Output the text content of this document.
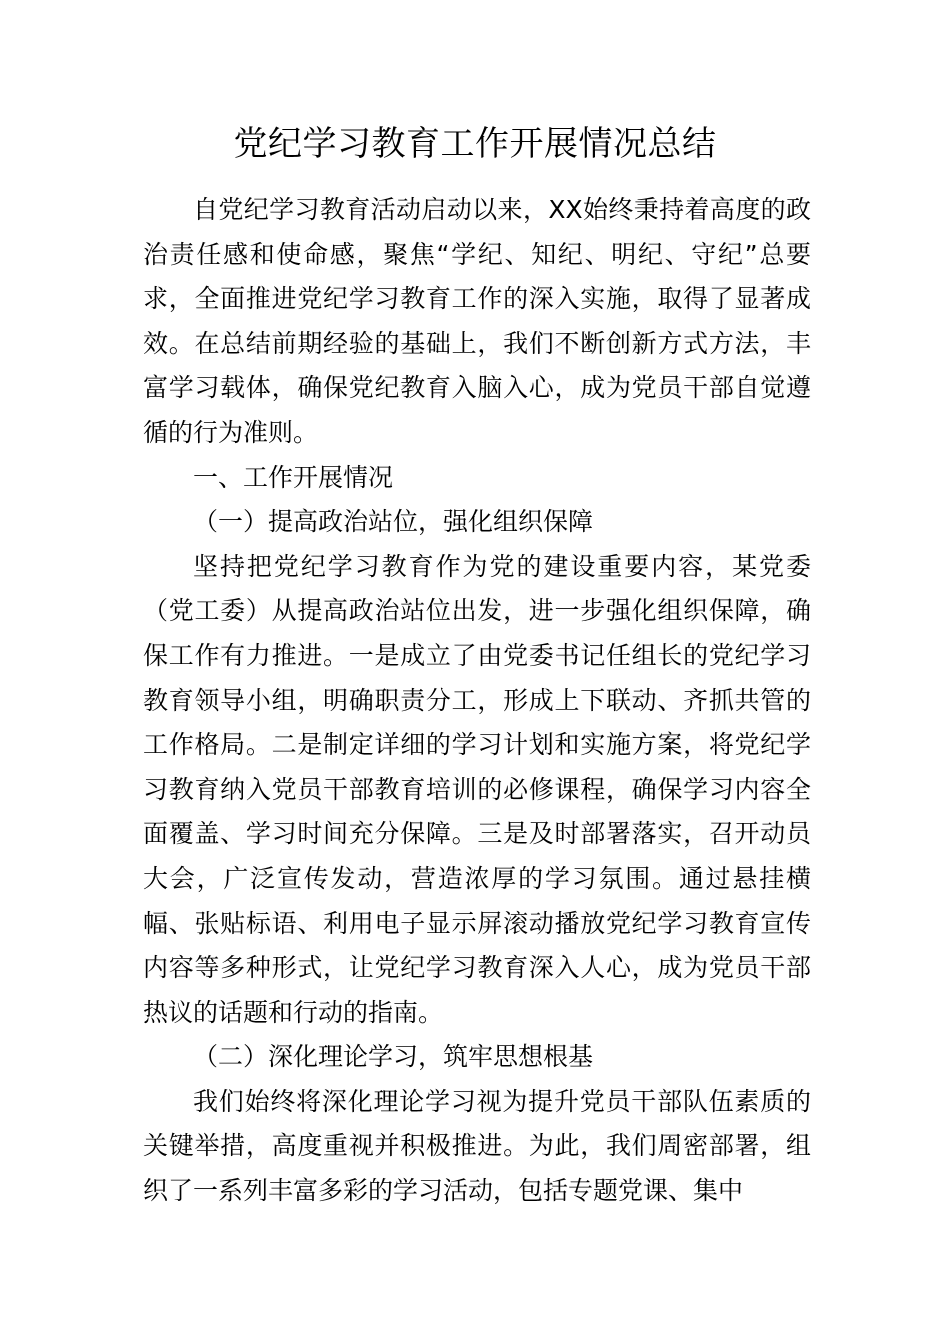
党纪学习教育工作开展情况总结

自党纪学习教育活动启动以来，XX始终秉持着高度的政治责任感和使命感，聚焦“学纪、知纪、明纪、守纪”总要求，全面推进党纪学习教育工作的深入实施，取得了显著成效。在总结前期经验的基础上，我们不断创新方式方法，丰富学习载体，确保党纪教育入脑入心，成为党员干部自觉遵循的行为准则。

一、工作开展情况

（一）提高政治站位，强化组织保障

坚持把党纪学习教育作为党的建设重要内容，某党委（党工委）从提高政治站位出发，进一步强化组织保障，确保工作有力推进。一是成立了由党委书记任组长的党纪学习教育领导小组，明确职责分工，形成上下联动、齐抓共管的工作格局。二是制定详细的学习计划和实施方案，将党纪学习教育纳入党员干部教育培训的必修课程，确保学习内容全面覆盖、学习时间充分保障。三是及时部署落实，召开动员大会，广泛宣传发动，营造浓厚的学习氛围。通过悬挂横幅、张贴标语、利用电子显示屏滚动播放党纪学习教育宣传内容等多种形式，让党纪学习教育深入人心，成为党员干部热议的话题和行动的指南。

（二）深化理论学习，筑牢思想根基

我们始终将深化理论学习视为提升党员干部队伍素质的关键举措，高度重视并积极推进。为此，我们周密部署，组织了一系列丰富多彩的学习活动，包括专题党课、集中
